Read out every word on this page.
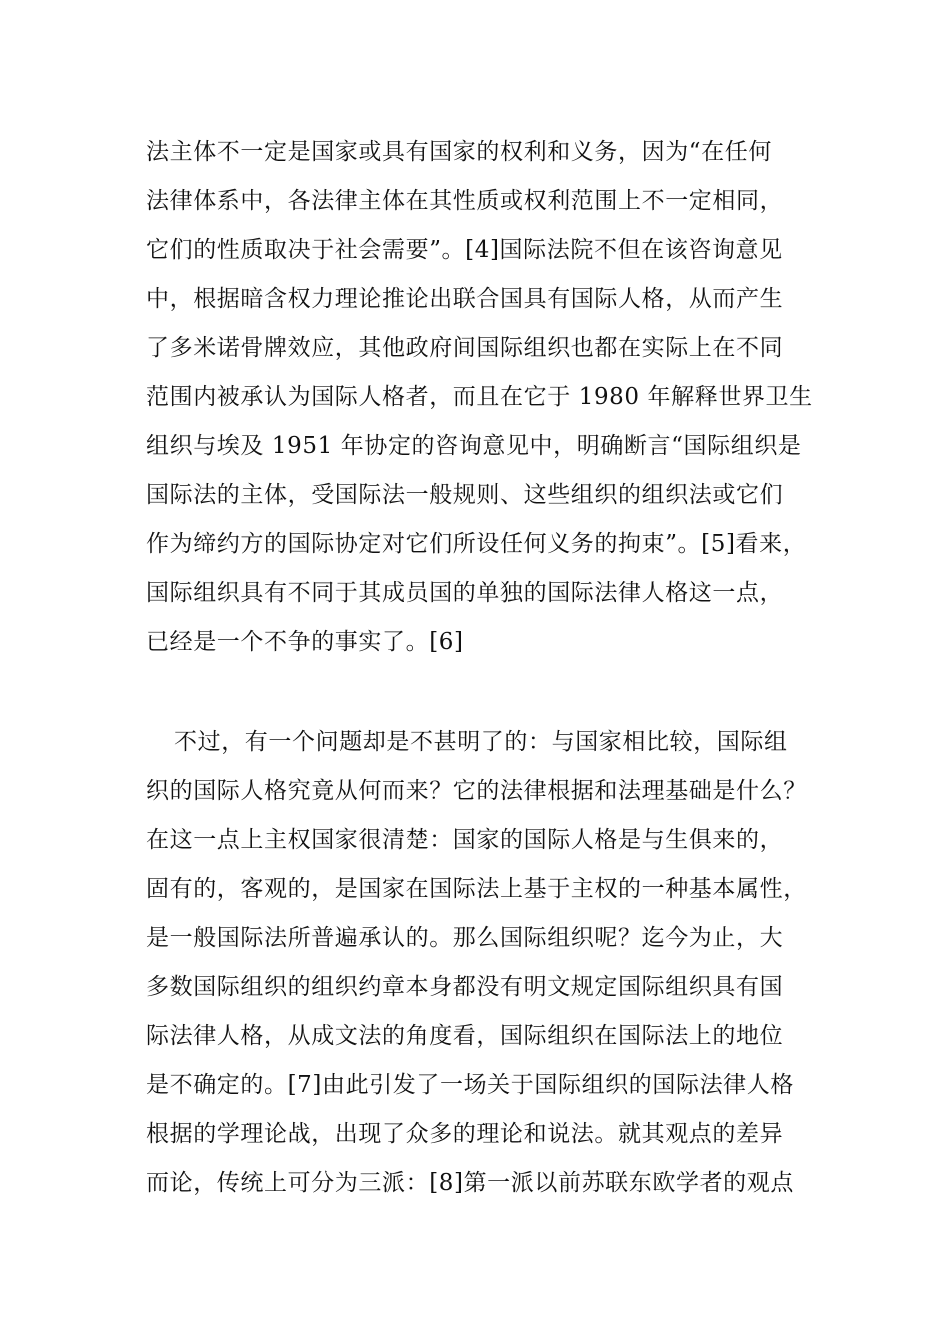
法主体不一定是国家或具有国家的权利和义务，因为“在任何
法律体系中，各法律主体在其性质或权利范围上不一定相同，
它们的性质取决于社会需要”。[4]国际法院不但在该咨询意见
中，根据暗含权力理论推论出联合国具有国际人格，从而产生
了多米诺骨牌效应，其他政府间国际组织也都在实际上在不同
范围内被承认为国际人格者，而且在它于 1980 年解释世界卫生
组织与埃及 1951 年协定的咨询意见中，明确断言“国际组织是
国际法的主体，受国际法一般规则、这些组织的组织法或它们
作为缔约方的国际协定对它们所设任何义务的拘束”。[5]看来，
国际组织具有不同于其成员国的单独的国际法律人格这一点，
已经是一个不争的事实了。[6]

不过，有一个问题却是不甚明了的：与国家相比较，国际组
织的国际人格究竟从何而来？它的法律根据和法理基础是什么？
在这一点上主权国家很清楚：国家的国际人格是与生俱来的，
固有的，客观的，是国家在国际法上基于主权的一种基本属性，
是一般国际法所普遍承认的。那么国际组织呢？迄今为止，大
多数国际组织的组织约章本身都没有明文规定国际组织具有国
际法律人格，从成文法的角度看，国际组织在国际法上的地位
是不确定的。[7]由此引发了一场关于国际组织的国际法律人格
根据的学理论战，出现了众多的理论和说法。就其观点的差异
而论，传统上可分为三派：[8]第一派以前苏联东欧学者的观点
